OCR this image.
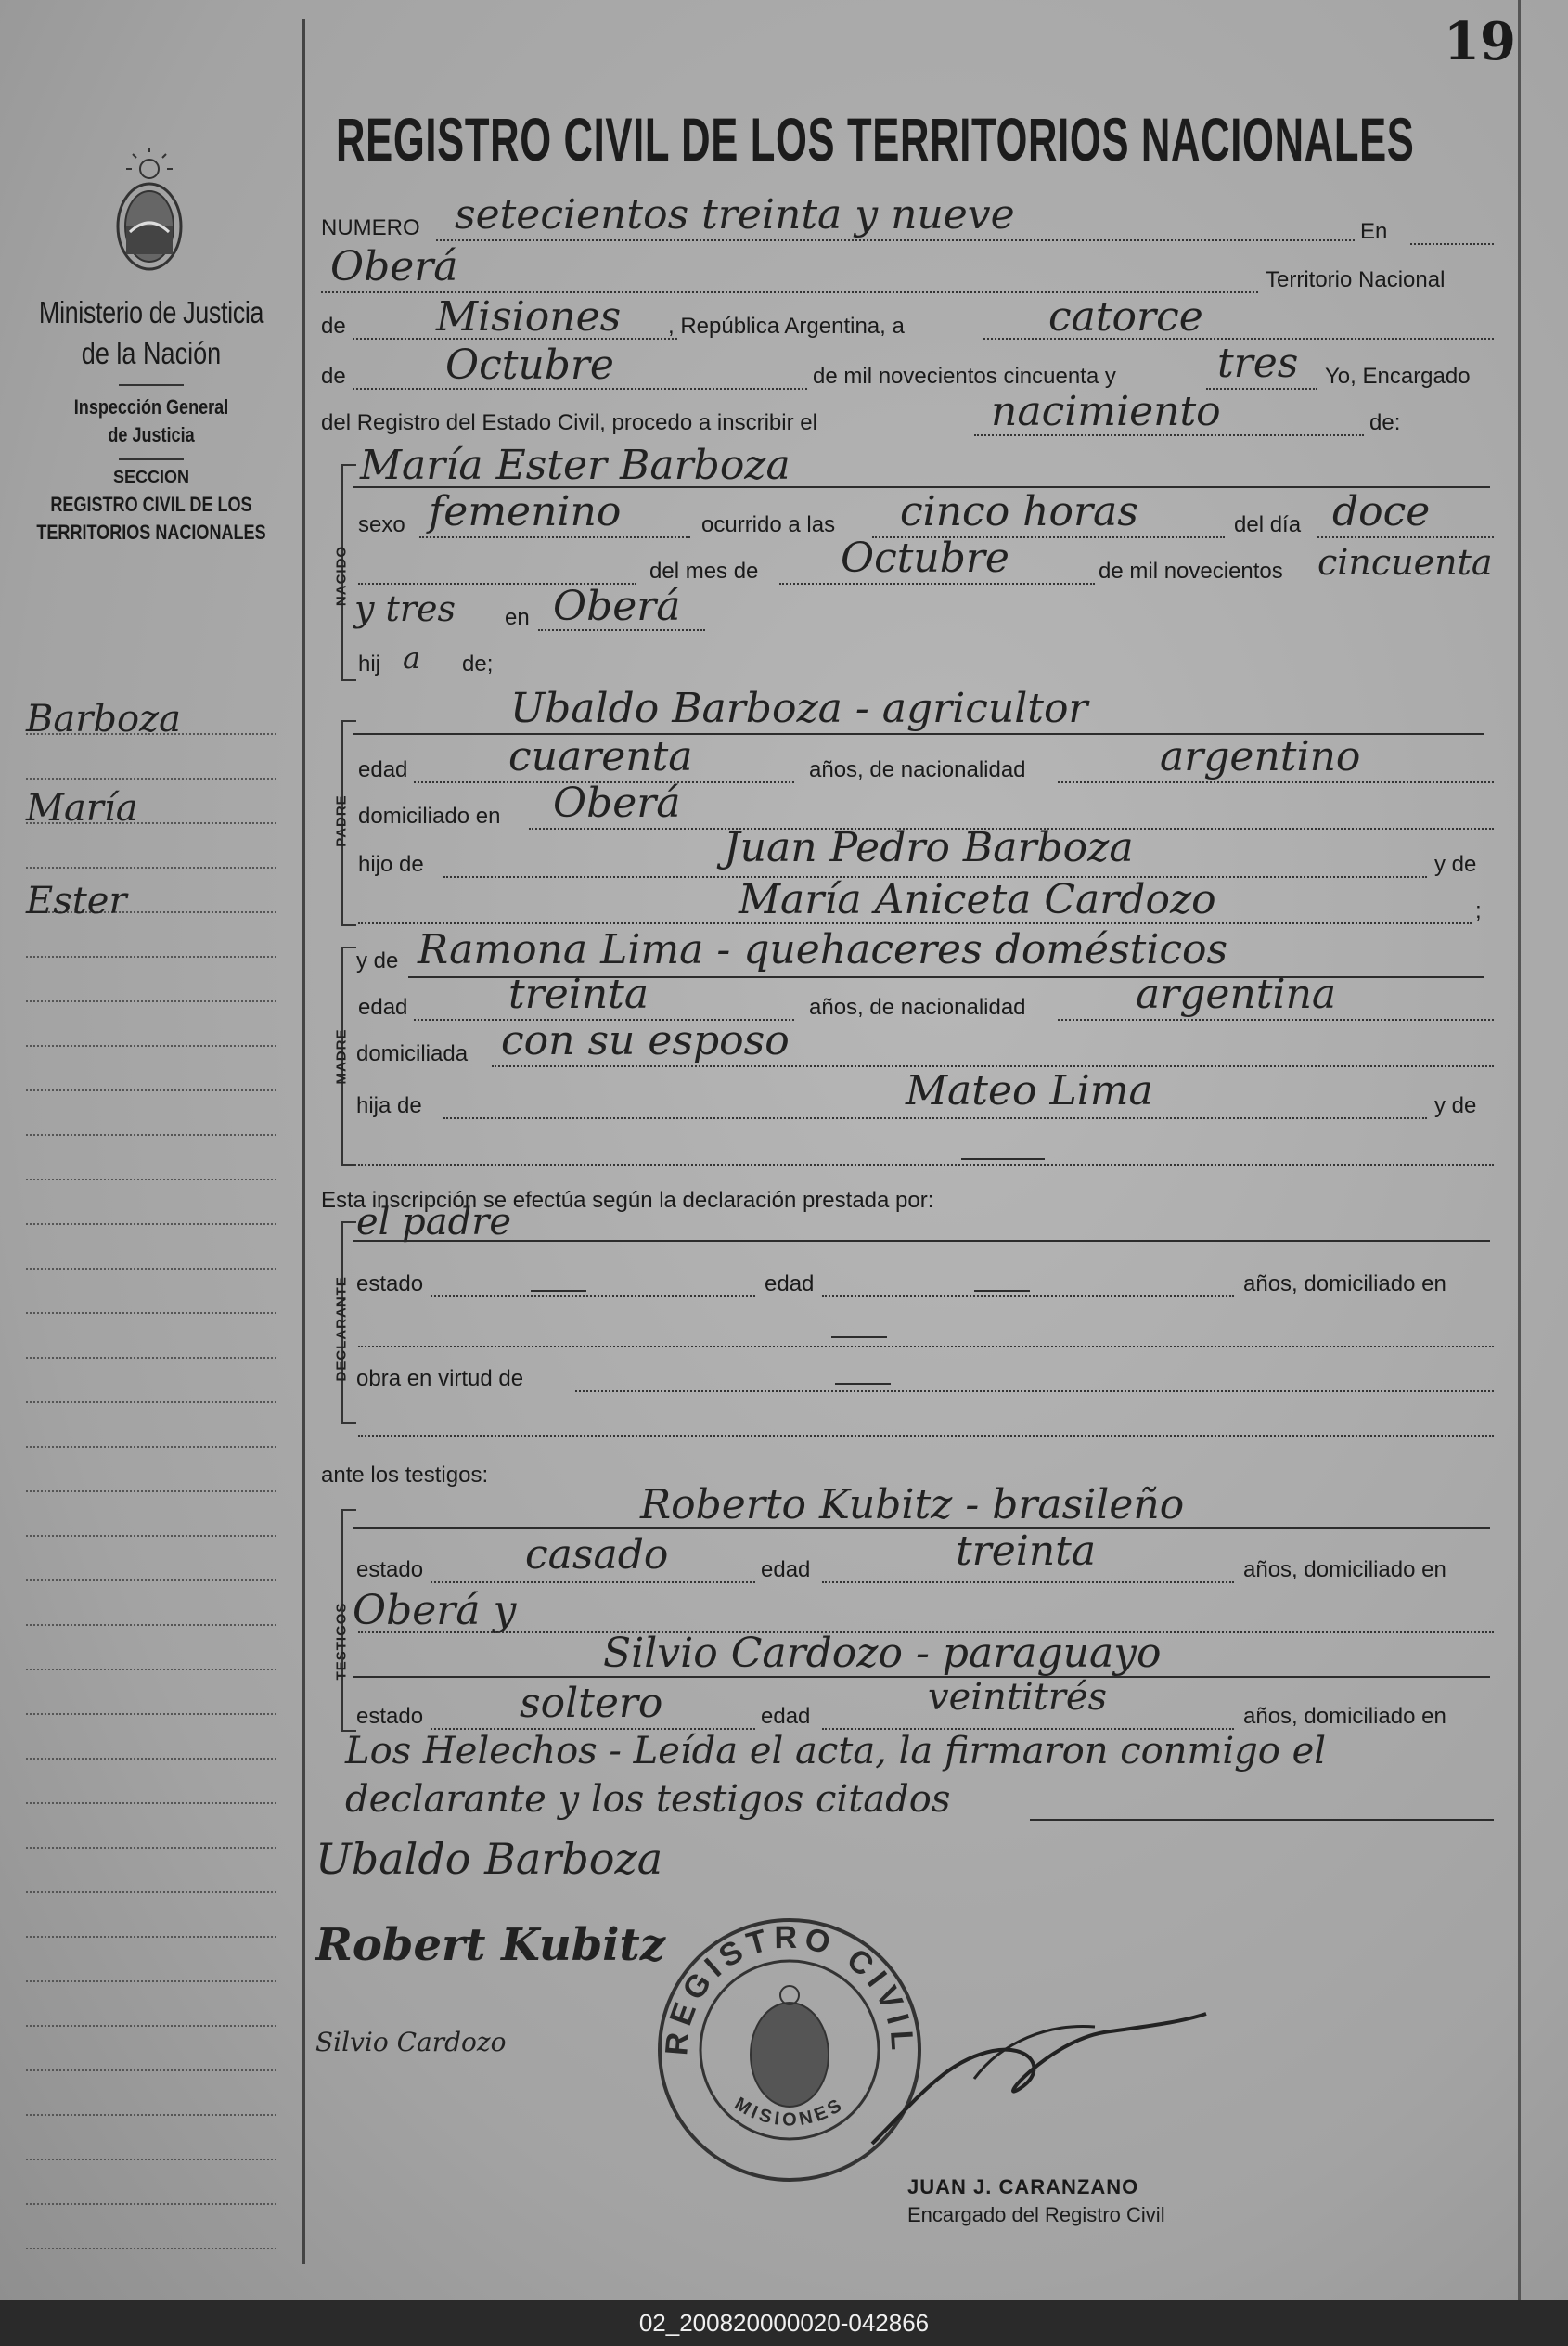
19
Ministerio de Justicia
de la Nación
Inspección General
de Justicia
SECCION
REGISTRO CIVIL DE LOS
TERRITORIOS NACIONALES
Barboza
María
Ester
REGISTRO CIVIL DE LOS TERRITORIOS NACIONALES
NUMERO setecientos treinta y nueve	En
Oberá	Territorio Nacional
de Misiones , República Argentina, a	catorce
de Octubre	de mil novecientos cincuenta y tres Yo, Encargado
del Registro del Estado Civil, procedo a inscribir el	nacimiento	de:
NACIDO
María Ester Barboza
sexo femenino	ocurrido a las cinco horas	del día doce
del mes de Octubre	de mil novecientos cincuenta
y tres en Oberá
hij a de;
PADRE
Ubaldo Barboza - agricultor
edad cuarenta	años, de nacionalidad	argentino
domiciliado en Oberá
hijo de	Juan Pedro Barboza	y de
María Aniceta Cardozo	;
MADRE
y de Ramona Lima - quehaceres domésticos
edad treinta	años, de nacionalidad	argentina
domiciliada con su esposo
hija de	Mateo Lima	y de
Esta inscripción se efectúa según la declaración prestada por:
DECLARANTE
el padre
estado	edad	años, domiciliado en
obra en virtud de
ante los testigos:
TESTIGOS
Roberto Kubitz - brasileño
estado casado	edad	treinta	años, domiciliado en
Oberá y
Silvio Cardozo - paraguayo
estado soltero	edad	veintitrés	años, domiciliado en
Los Helechos - Leída el acta, la firmaron conmigo el
declarante y los testigos citados
Ubaldo Barboza
Robert Kubitz
Silvio Cardozo	REGISTRO CIVIL
MISIONES
JUAN J. CARANZANO
Encargado del Registro Civil
02_200820000020-042866
